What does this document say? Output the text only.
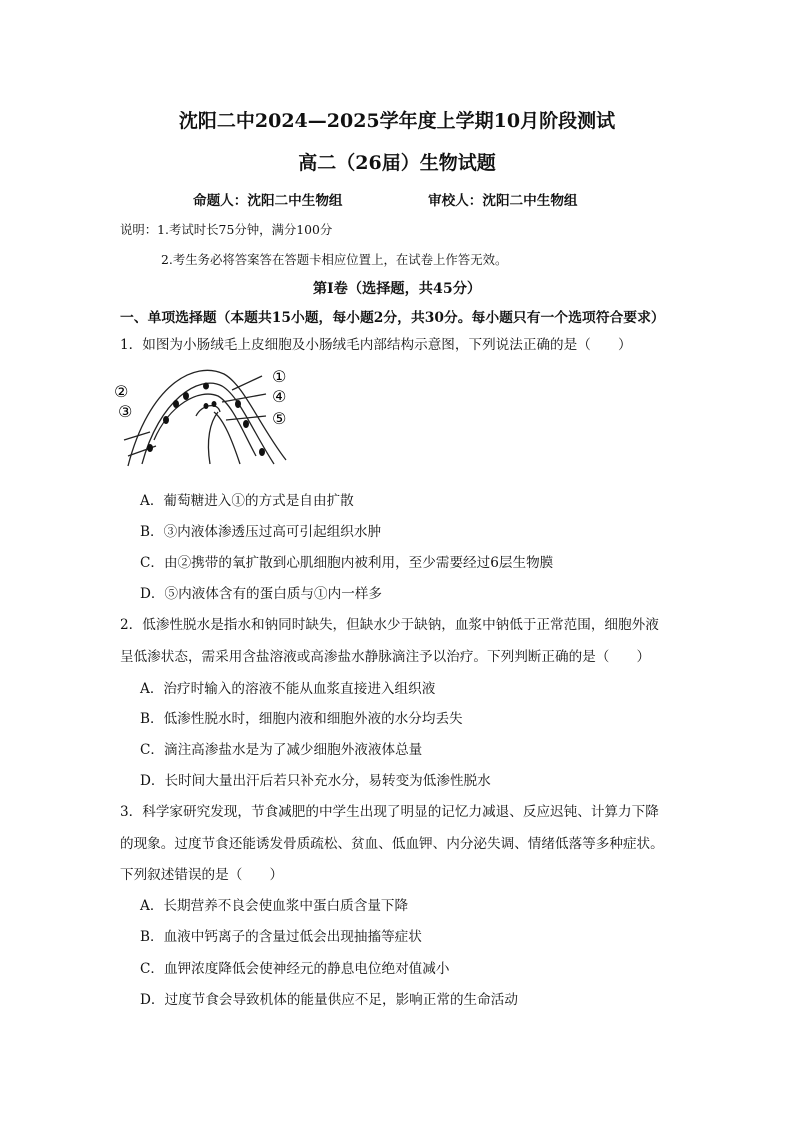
沈阳二中2024—2025学年度上学期10月阶段测试
高二（26届）生物试题
命题人：沈阳二中生物组	审校人：沈阳二中生物组
说明：1.考试时长75分钟，满分100分
2.考生务必将答案答在答题卡相应位置上，在试卷上作答无效。
第Ⅰ卷（选择题，共45分）
一、单项选择题（本题共15小题，每小题2分，共30分。每小题只有一个选项符合要求）
1．如图为小肠绒毛上皮细胞及小肠绒毛内部结构示意图，下列说法正确的是（　　）
②
③
①
④
⑤
A．葡萄糖进入①的方式是自由扩散
B．③内液体渗透压过高可引起组织水肿
C．由②携带的氧扩散到心肌细胞内被利用，至少需要经过6层生物膜
D．⑤内液体含有的蛋白质与①内一样多
2．低渗性脱水是指水和钠同时缺失，但缺水少于缺钠，血浆中钠低于正常范围，细胞外液
呈低渗状态，需采用含盐溶液或高渗盐水静脉滴注予以治疗。下列判断正确的是（　　）
A．治疗时输入的溶液不能从血浆直接进入组织液
B．低渗性脱水时，细胞内液和细胞外液的水分均丢失
C．滴注高渗盐水是为了减少细胞外液液体总量
D．长时间大量出汗后若只补充水分，易转变为低渗性脱水
3．科学家研究发现，节食减肥的中学生出现了明显的记忆力减退、反应迟钝、计算力下降
的现象。过度节食还能诱发骨质疏松、贫血、低血钾、内分泌失调、情绪低落等多种症状。
下列叙述错误的是（　　）
A．长期营养不良会使血浆中蛋白质含量下降
B．血液中钙离子的含量过低会出现抽搐等症状
C．血钾浓度降低会使神经元的静息电位绝对值减小
D．过度节食会导致机体的能量供应不足，影响正常的生命活动
